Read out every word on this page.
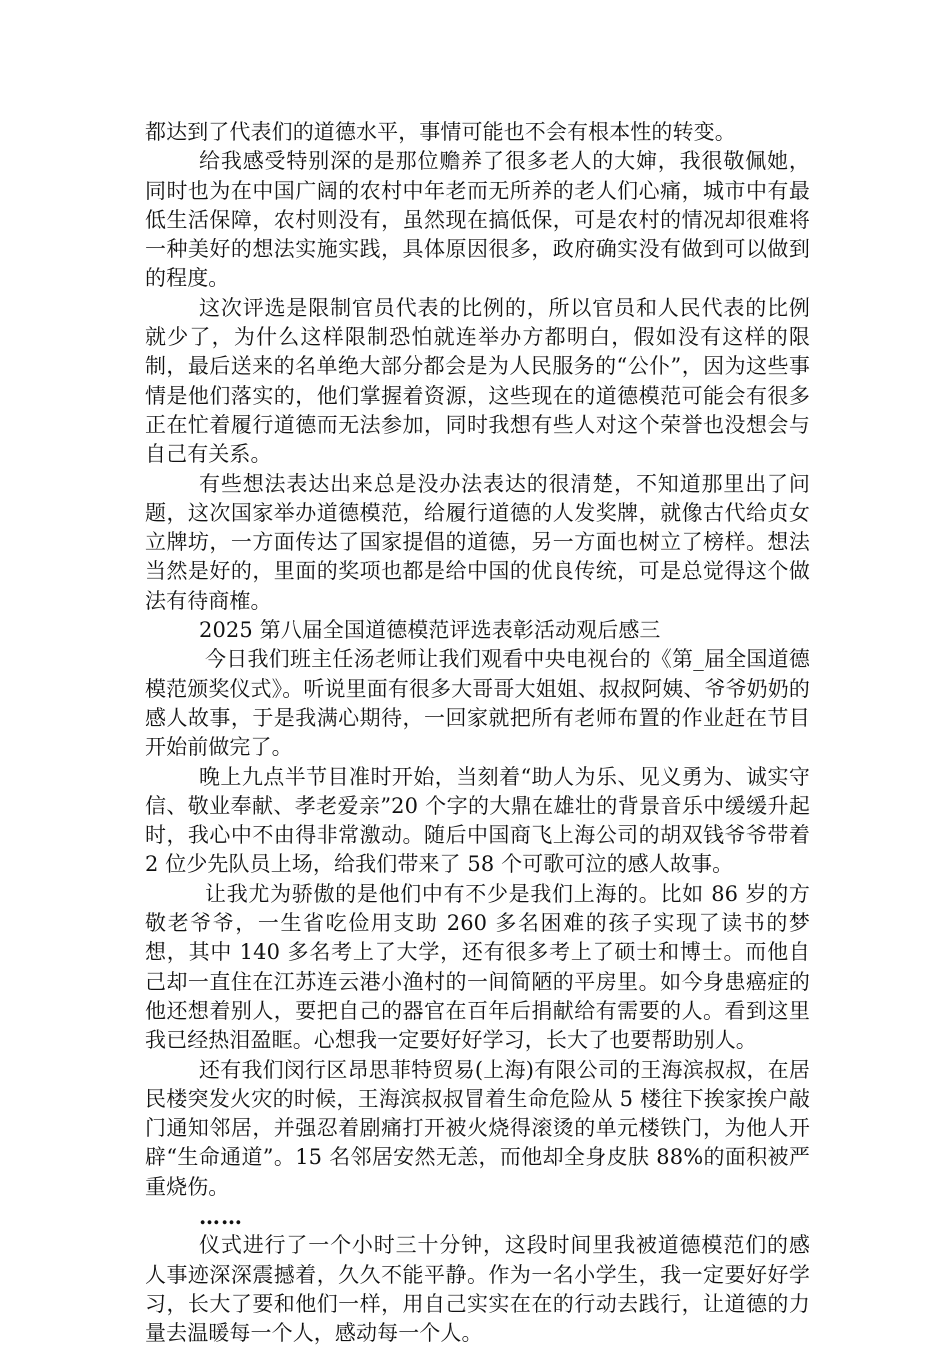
都达到了代表们的道德水平，事情可能也不会有根本性的转变。

给我感受特别深的是那位赡养了很多老人的大婶，我很敬佩她，同时也为在中国广阔的农村中年老而无所养的老人们心痛，城市中有最低生活保障，农村则没有，虽然现在搞低保，可是农村的情况却很难将一种美好的想法实施实践，具体原因很多，政府确实没有做到可以做到的程度。

这次评选是限制官员代表的比例的，所以官员和人民代表的比例就少了，为什么这样限制恐怕就连举办方都明白，假如没有这样的限制，最后送来的名单绝大部分都会是为人民服务的“公仆”，因为这些事情是他们落实的，他们掌握着资源，这些现在的道德模范可能会有很多正在忙着履行道德而无法参加，同时我想有些人对这个荣誉也没想会与自己有关系。

有些想法表达出来总是没办法表达的很清楚，不知道那里出了问题，这次国家举办道德模范，给履行道德的人发奖牌，就像古代给贞女立牌坊，一方面传达了国家提倡的道德，另一方面也树立了榜样。想法当然是好的，里面的奖项也都是给中国的优良传统，可是总觉得这个做法有待商榷。

2025 第八届全国道德模范评选表彰活动观后感三

今日我们班主任汤老师让我们观看中央电视台的《第_届全国道德模范颁奖仪式》。听说里面有很多大哥哥大姐姐、叔叔阿姨、爷爷奶奶的感人故事，于是我满心期待，一回家就把所有老师布置的作业赶在节目开始前做完了。

晚上九点半节目准时开始，当刻着“助人为乐、见义勇为、诚实守信、敬业奉献、孝老爱亲”20 个字的大鼎在雄壮的背景音乐中缓缓升起时，我心中不由得非常激动。随后中国商飞上海公司的胡双钱爷爷带着 2 位少先队员上场，给我们带来了 58 个可歌可泣的感人故事。

让我尤为骄傲的是他们中有不少是我们上海的。比如 86 岁的方敬老爷爷，一生省吃俭用支助 260 多名困难的孩子实现了读书的梦想，其中 140 多名考上了大学，还有很多考上了硕士和博士。而他自己却一直住在江苏连云港小渔村的一间简陋的平房里。如今身患癌症的他还想着别人，要把自己的器官在百年后捐献给有需要的人。看到这里我已经热泪盈眶。心想我一定要好好学习，长大了也要帮助别人。

还有我们闵行区昂思菲特贸易(上海)有限公司的王海滨叔叔，在居民楼突发火灾的时候，王海滨叔叔冒着生命危险从 5 楼往下挨家挨户敲门通知邻居，并强忍着剧痛打开被火烧得滚烫的单元楼铁门，为他人开辟“生命通道”。15 名邻居安然无恙，而他却全身皮肤 88%的面积被严重烧伤。

……

仪式进行了一个小时三十分钟，这段时间里我被道德模范们的感人事迹深深震撼着，久久不能平静。作为一名小学生，我一定要好好学习，长大了要和他们一样，用自己实实在在的行动去践行，让道德的力量去温暖每一个人，感动每一个人。
